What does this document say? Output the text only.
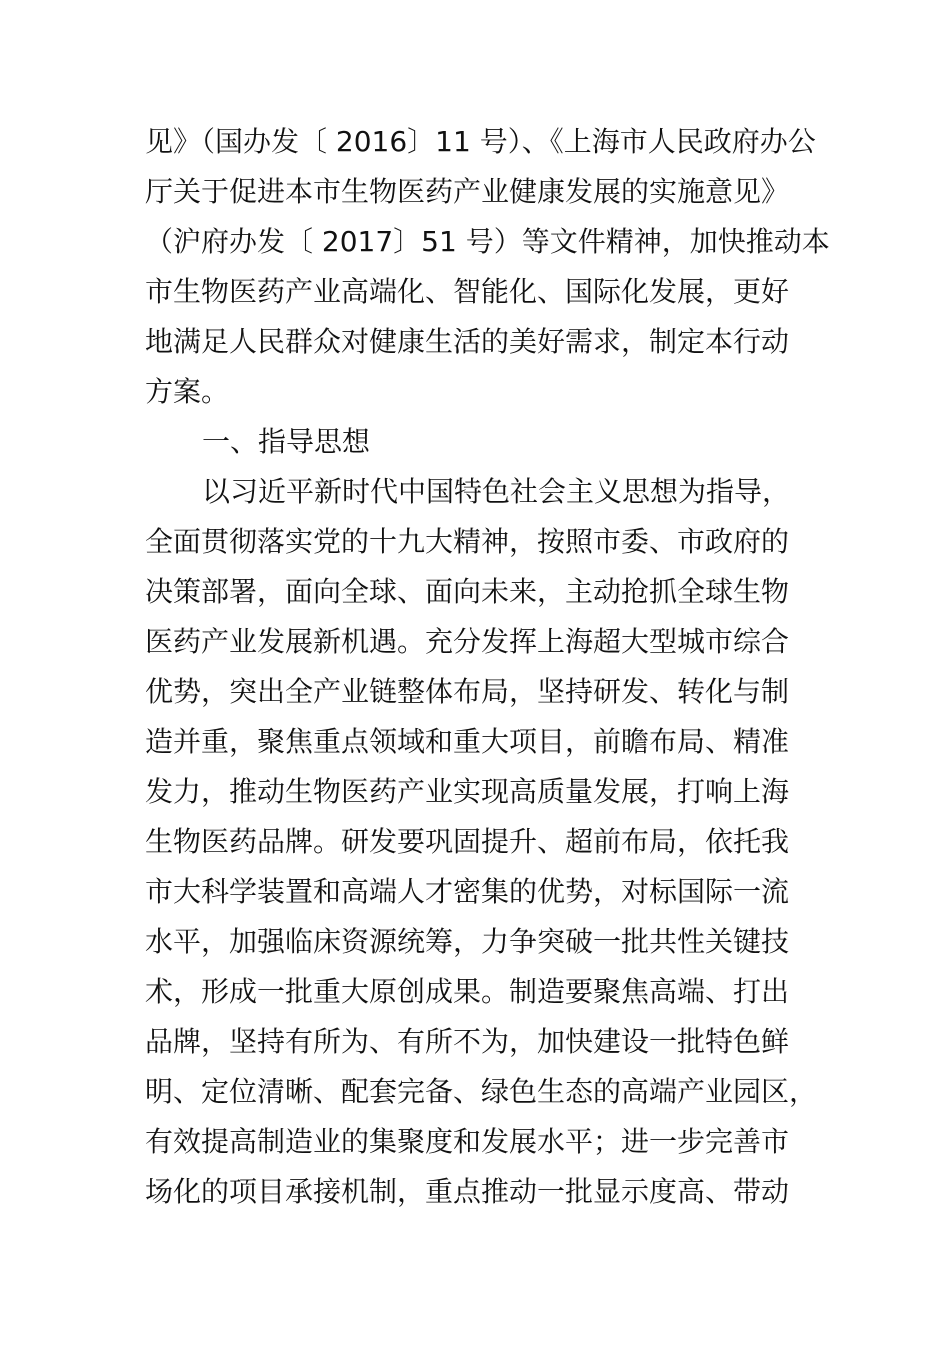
见》（国办发〔 2016〕11 号）、《上海市人民政府办公
厅关于促进本市生物医药产业健康发展的实施意见》
（沪府办发〔 2017〕51 号）等文件精神，加快推动本
市生物医药产业高端化、智能化、国际化发展，更好
地满足人民群众对健康生活的美好需求，制定本行动
方案。
一、指导思想
以习近平新时代中国特色社会主义思想为指导，
全面贯彻落实党的十九大精神，按照市委、市政府的
决策部署，面向全球、面向未来，主动抢抓全球生物
医药产业发展新机遇。充分发挥上海超大型城市综合
优势，突出全产业链整体布局，坚持研发、转化与制
造并重，聚焦重点领域和重大项目，前瞻布局、精准
发力，推动生物医药产业实现高质量发展，打响上海
生物医药品牌。研发要巩固提升、超前布局，依托我
市大科学装置和高端人才密集的优势，对标国际一流
水平，加强临床资源统筹，力争突破一批共性关键技
术，形成一批重大原创成果。制造要聚焦高端、打出
品牌，坚持有所为、有所不为，加快建设一批特色鲜
明、定位清晰、配套完备、绿色生态的高端产业园区，
有效提高制造业的集聚度和发展水平；进一步完善市
场化的项目承接机制，重点推动一批显示度高、带动
